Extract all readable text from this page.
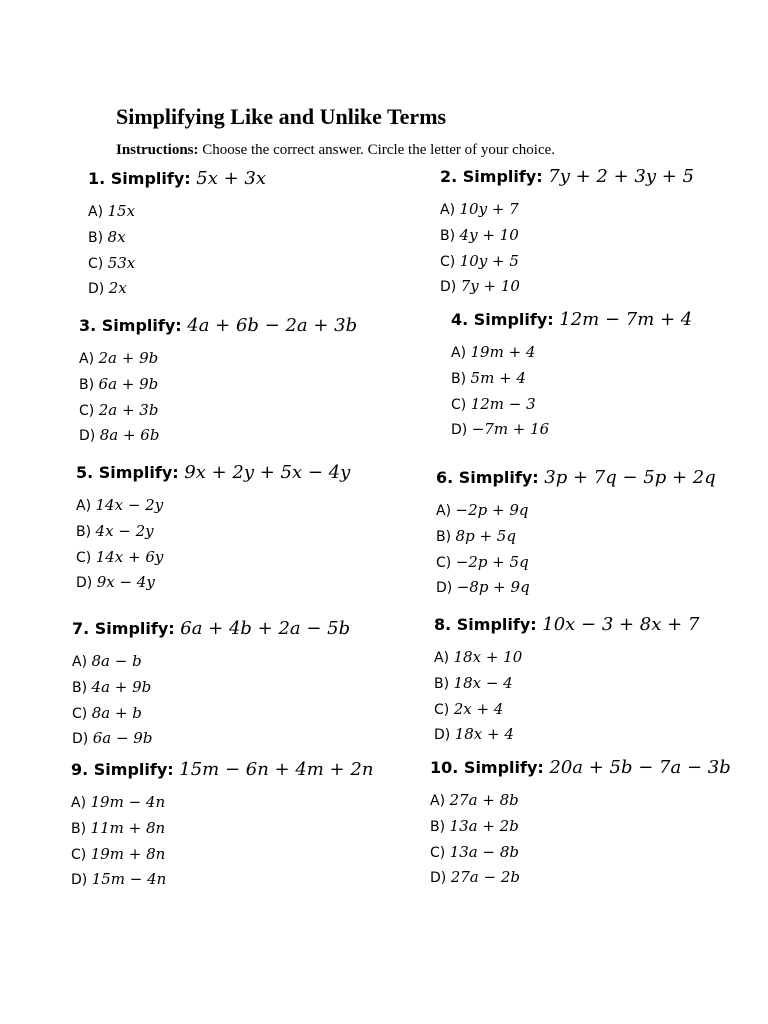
Simplifying Like and Unlike Terms
Instructions: Choose the correct answer. Circle the letter of your choice.
1. Simplify: 5x + 3x
A) 15x
B) 8x
C) 53x
D) 2x
2. Simplify: 7y + 2 + 3y + 5
A) 10y + 7
B) 4y + 10
C) 10y + 5
D) 7y + 10
3. Simplify: 4a + 6b − 2a + 3b
A) 2a + 9b
B) 6a + 9b
C) 2a + 3b
D) 8a + 6b
4. Simplify: 12m − 7m + 4
A) 19m + 4
B) 5m + 4
C) 12m − 3
D) −7m + 16
5. Simplify: 9x + 2y + 5x − 4y
A) 14x − 2y
B) 4x − 2y
C) 14x + 6y
D) 9x − 4y
6. Simplify: 3p + 7q − 5p + 2q
A) −2p + 9q
B) 8p + 5q
C) −2p + 5q
D) −8p + 9q
7. Simplify: 6a + 4b + 2a − 5b
A) 8a − b
B) 4a + 9b
C) 8a + b
D) 6a − 9b
8. Simplify: 10x − 3 + 8x + 7
A) 18x + 10
B) 18x − 4
C) 2x + 4
D) 18x + 4
9. Simplify: 15m − 6n + 4m + 2n
A) 19m − 4n
B) 11m + 8n
C) 19m + 8n
D) 15m − 4n
10. Simplify: 20a + 5b − 7a − 3b
A) 27a + 8b
B) 13a + 2b
C) 13a − 8b
D) 27a − 2b
